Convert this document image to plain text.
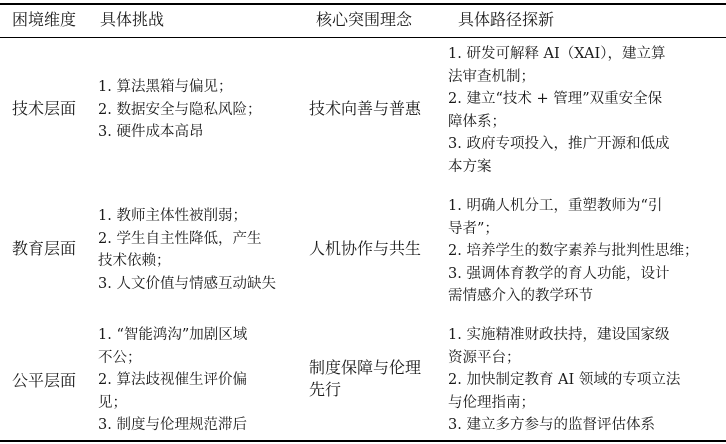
困境维度 具体挑战	核心突围理念	具体路径探新
技术层面
1. 算法黑箱与偏见；
2. 数据安全与隐私风险；
3. 硬件成本高昂
技术向善与普惠
1. 研发可解释 AI（XAI），建立算
法审查机制；
2. 建立“技术 + 管理”双重安全保
障体系；
3. 政府专项投入，推广开源和低成
本方案
教育层面
1. 教师主体性被削弱；
2. 学生自主性降低，产生
技术依赖；
3. 人文价值与情感互动缺失
人机协作与共生
1. 明确人机分工，重塑教师为“引
导者”；
2. 培养学生的数字素养与批判性思维；
3. 强调体育教学的育人功能，设计
需情感介入的教学环节
公平层面
1. “智能鸿沟”加剧区域
不公；
2. 算法歧视催生评价偏
见；
3. 制度与伦理规范滞后
制度保障与伦理
先行
1. 实施精准财政扶持，建设国家级
资源平台；
2. 加快制定教育 AI 领域的专项立法
与伦理指南；
3. 建立多方参与的监督评估体系
